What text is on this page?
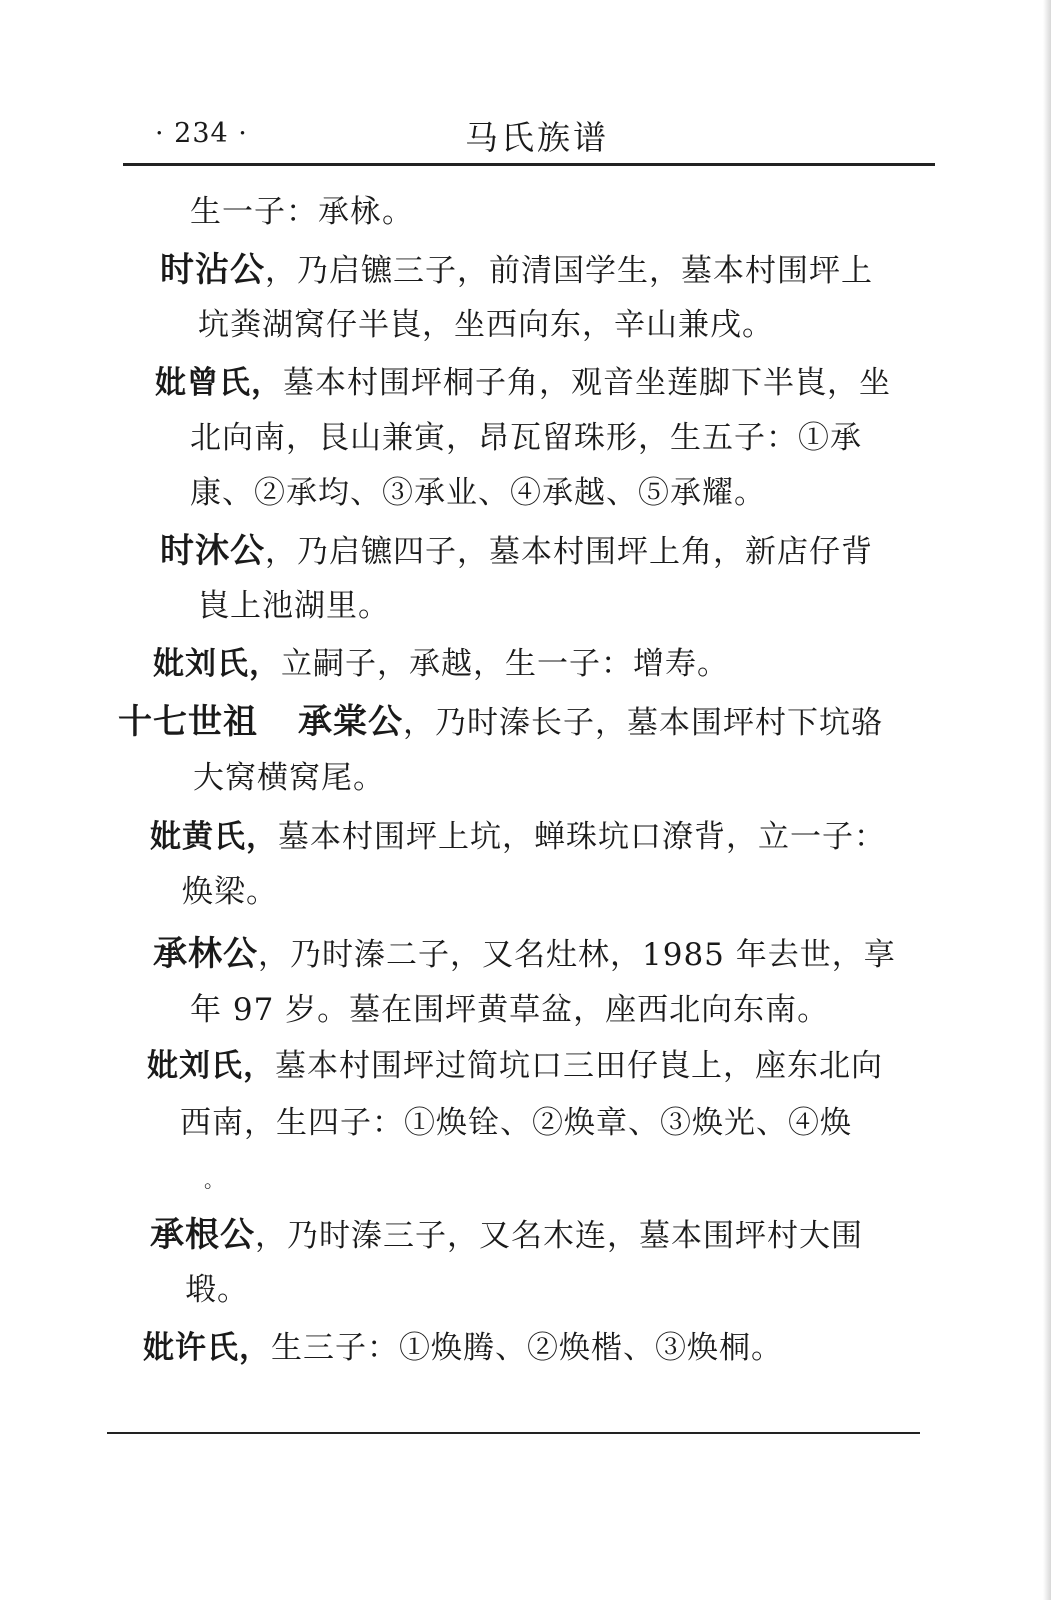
· 234 ·	马氏族谱
生一子：承栐。
时沾公，乃启镳三子，前清国学生，墓本村围坪上
坑粪湖窝仔半崀，坐西向东，辛山兼戌。
妣曾氏，墓本村围坪桐子角，观音坐莲脚下半崀，坐
北向南，艮山兼寅，昂瓦留珠形，生五子：①承
康、②承均、③承业、④承越、⑤承耀。
时沐公，乃启镳四子，墓本村围坪上角，新店仔背
崀上池湖里。
妣刘氏，立嗣子，承越，生一子：增寿。
十七世祖 承棠公，乃时溱长子，墓本围坪村下坑骆
大窝横窝尾。
妣黄氏，墓本村围坪上坑，蝉珠坑口潦背，立一子：
焕梁。
承林公，乃时溱二子，又名灶林，1985 年去世，享
年 97 岁。墓在围坪黄草盆，座西北向东南。
妣刘氏，墓本村围坪过简坑口三田仔崀上，座东北向
西南，生四子：①焕铨、②焕章、③焕光、④焕
。
承根公，乃时溱三子，又名木连，墓本围坪村大围
塅。
妣许氏，生三子：①焕腾、②焕楷、③焕桐。
